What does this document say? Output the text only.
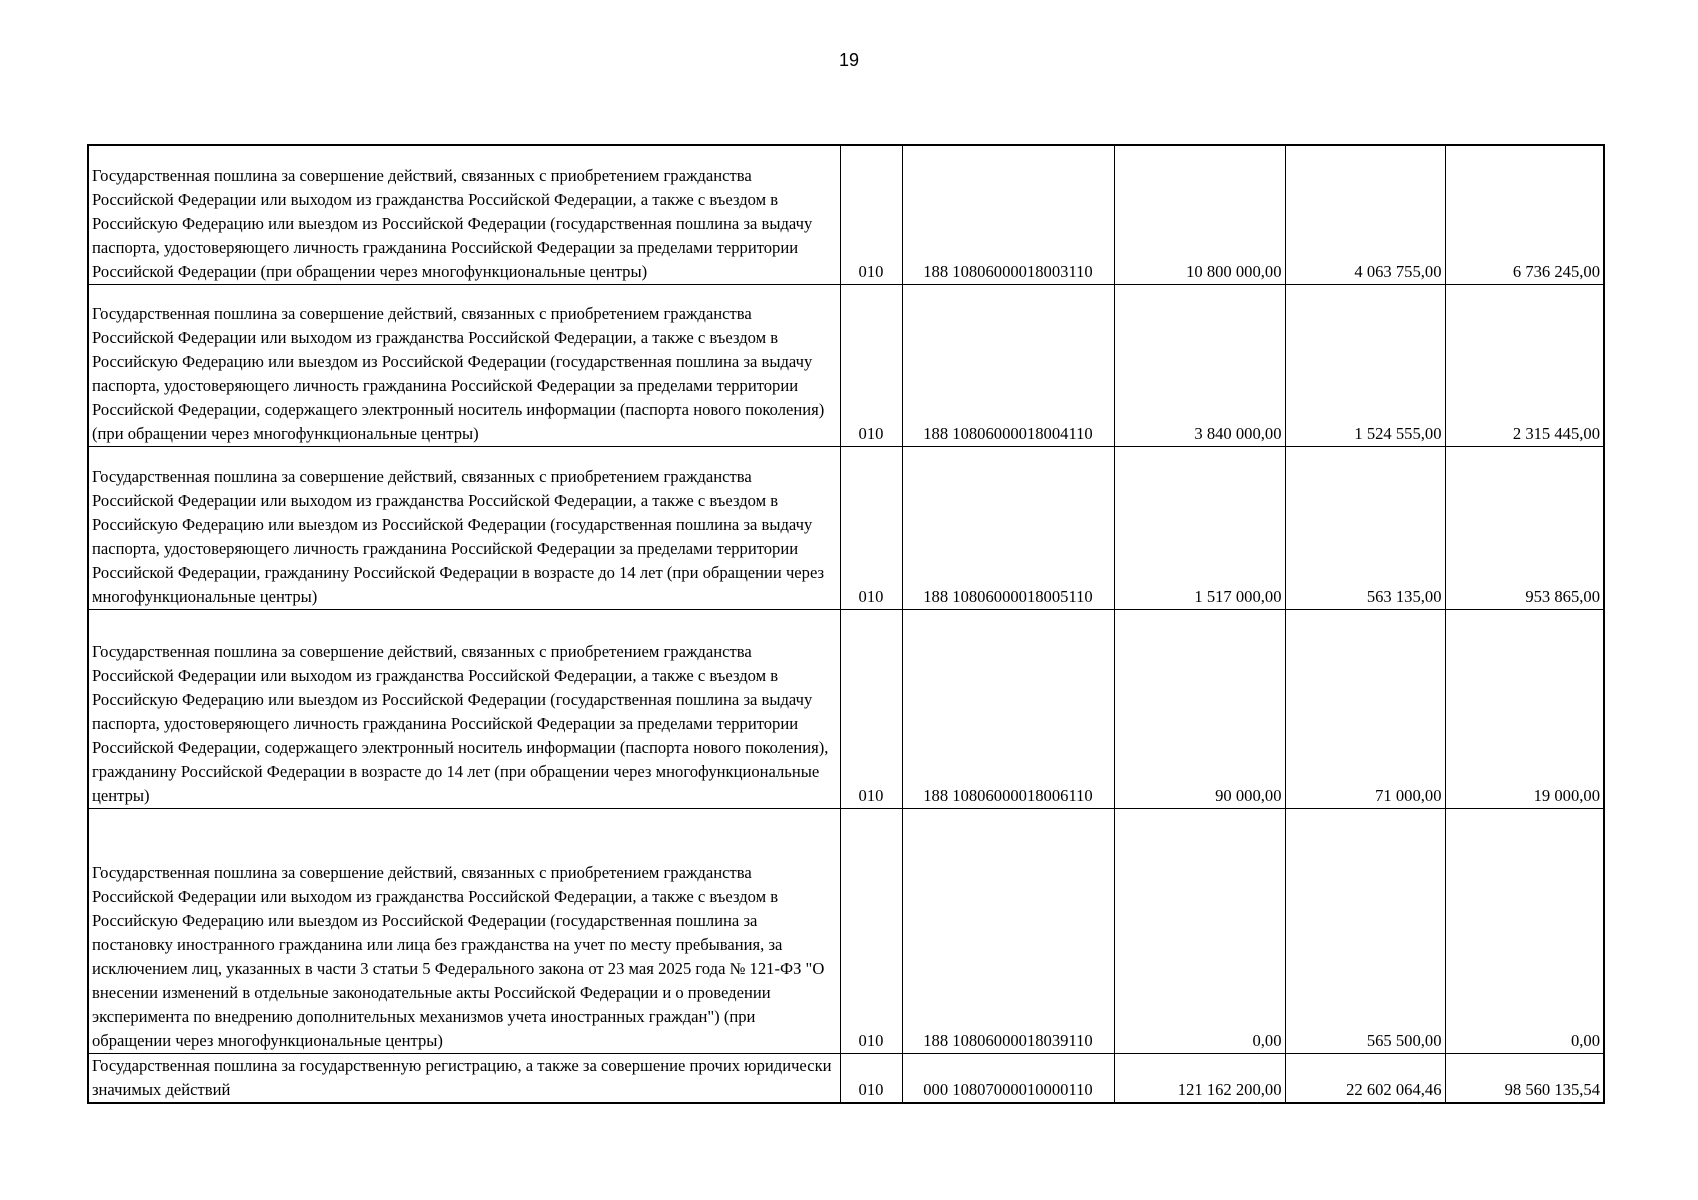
19
Государственная пошлина за совершение действий, связанных с приобретением гражданства Российской Федерации или выходом из гражданства Российской Федерации, а также с въездом в Российскую Федерацию или выездом из Российской Федерации (государственная пошлина за выдачу паспорта, удостоверяющего личность гражданина Российской Федерации за пределами территории Российской Федерации (при обращении через многофункциональные центры)	010	188 10806000018003110	10 800 000,00	4 063 755,00	6 736 245,00
Государственная пошлина за совершение действий, связанных с приобретением гражданства Российской Федерации или выходом из гражданства Российской Федерации, а также с въездом в Российскую Федерацию или выездом из Российской Федерации (государственная пошлина за выдачу паспорта, удостоверяющего личность гражданина Российской Федерации за пределами территории Российской Федерации, содержащего электронный носитель информации (паспорта нового поколения) (при обращении через многофункциональные центры)	010	188 10806000018004110	3 840 000,00	1 524 555,00	2 315 445,00
Государственная пошлина за совершение действий, связанных с приобретением гражданства Российской Федерации или выходом из гражданства Российской Федерации, а также с въездом в Российскую Федерацию или выездом из Российской Федерации (государственная пошлина за выдачу паспорта, удостоверяющего личность гражданина Российской Федерации за пределами территории Российской Федерации, гражданину Российской Федерации в возрасте до 14 лет (при обращении через многофункциональные центры)	010	188 10806000018005110	1 517 000,00	563 135,00	953 865,00
Государственная пошлина за совершение действий, связанных с приобретением гражданства Российской Федерации или выходом из гражданства Российской Федерации, а также с въездом в Российскую Федерацию или выездом из Российской Федерации (государственная пошлина за выдачу паспорта, удостоверяющего личность гражданина Российской Федерации за пределами территории Российской Федерации, содержащего электронный носитель информации (паспорта нового поколения), гражданину Российской Федерации в возрасте до 14 лет (при обращении через многофункциональные центры)	010	188 10806000018006110	90 000,00	71 000,00	19 000,00
Государственная пошлина за совершение действий, связанных с приобретением гражданства Российской Федерации или выходом из гражданства Российской Федерации, а также с въездом в Российскую Федерацию или выездом из Российской Федерации (государственная пошлина за постановку иностранного гражданина или лица без гражданства на учет по месту пребывания, за исключением лиц, указанных в части 3 статьи 5 Федерального закона от 23 мая 2025 года № 121-ФЗ "О внесении изменений в отдельные законодательные акты Российской Федерации и о проведении эксперимента по внедрению дополнительных механизмов учета иностранных граждан") (при обращении через многофункциональные центры)	010	188 10806000018039110	0,00	565 500,00	0,00
Государственная пошлина за государственную регистрацию, а также за совершение прочих юридически значимых действий	010	000 10807000010000110	121 162 200,00	22 602 064,46	98 560 135,54
